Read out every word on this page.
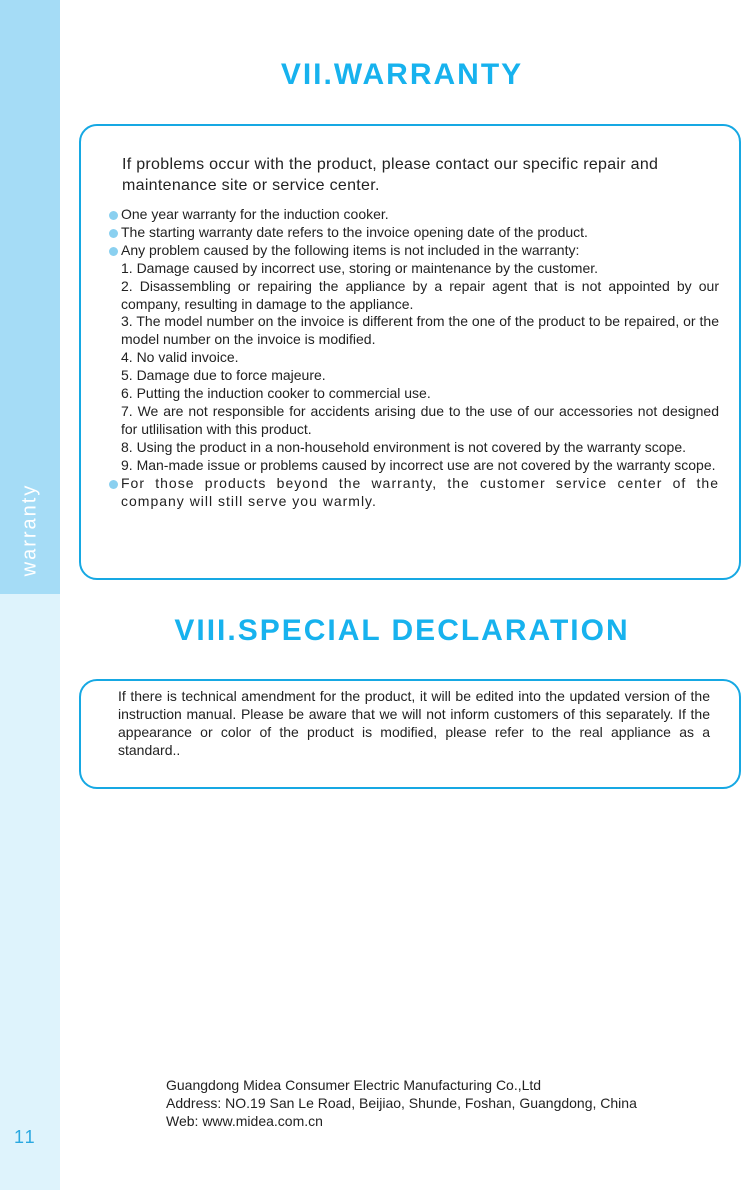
warranty
11
VII.WARRANTY
If problems occur with the product, please contact our specific repair and maintenance site or service center.

One year warranty for the induction cooker.

The starting warranty date refers to the invoice opening date of the product.

Any problem caused by the following items is not included in the warranty:

1. Damage caused by incorrect use, storing or maintenance by the customer.

2. Disassembling or repairing the appliance by a repair agent that is not appointed by our company, resulting in damage to the appliance.

3. The model number on the invoice is different from the one of the product to be repaired, or the model number on the invoice is modified.

4. No valid invoice.

5. Damage due to force majeure.

6. Putting the induction cooker to commercial use.

7. We are not responsible for accidents arising due to the use of our accessories not designed for utlilisation with this product.

8. Using the product in a non-household environment is not covered by the warranty scope.

9. Man-made issue or problems caused by incorrect use are not covered by the warranty scope.

For those products beyond the warranty, the customer service center of the company will still serve you warmly.

VIII.SPECIAL DECLARATION

If there is technical amendment for the product, it will be edited into the updated version of the instruction manual. Please be aware that we will not inform customers of this separately. If the appearance or color of the product is modified, please refer to the real appliance as a standard..

Guangdong Midea Consumer Electric Manufacturing Co.,Ltd
Address: NO.19 San Le Road, Beijiao, Shunde, Foshan, Guangdong, China
Web: www.midea.com.cn
